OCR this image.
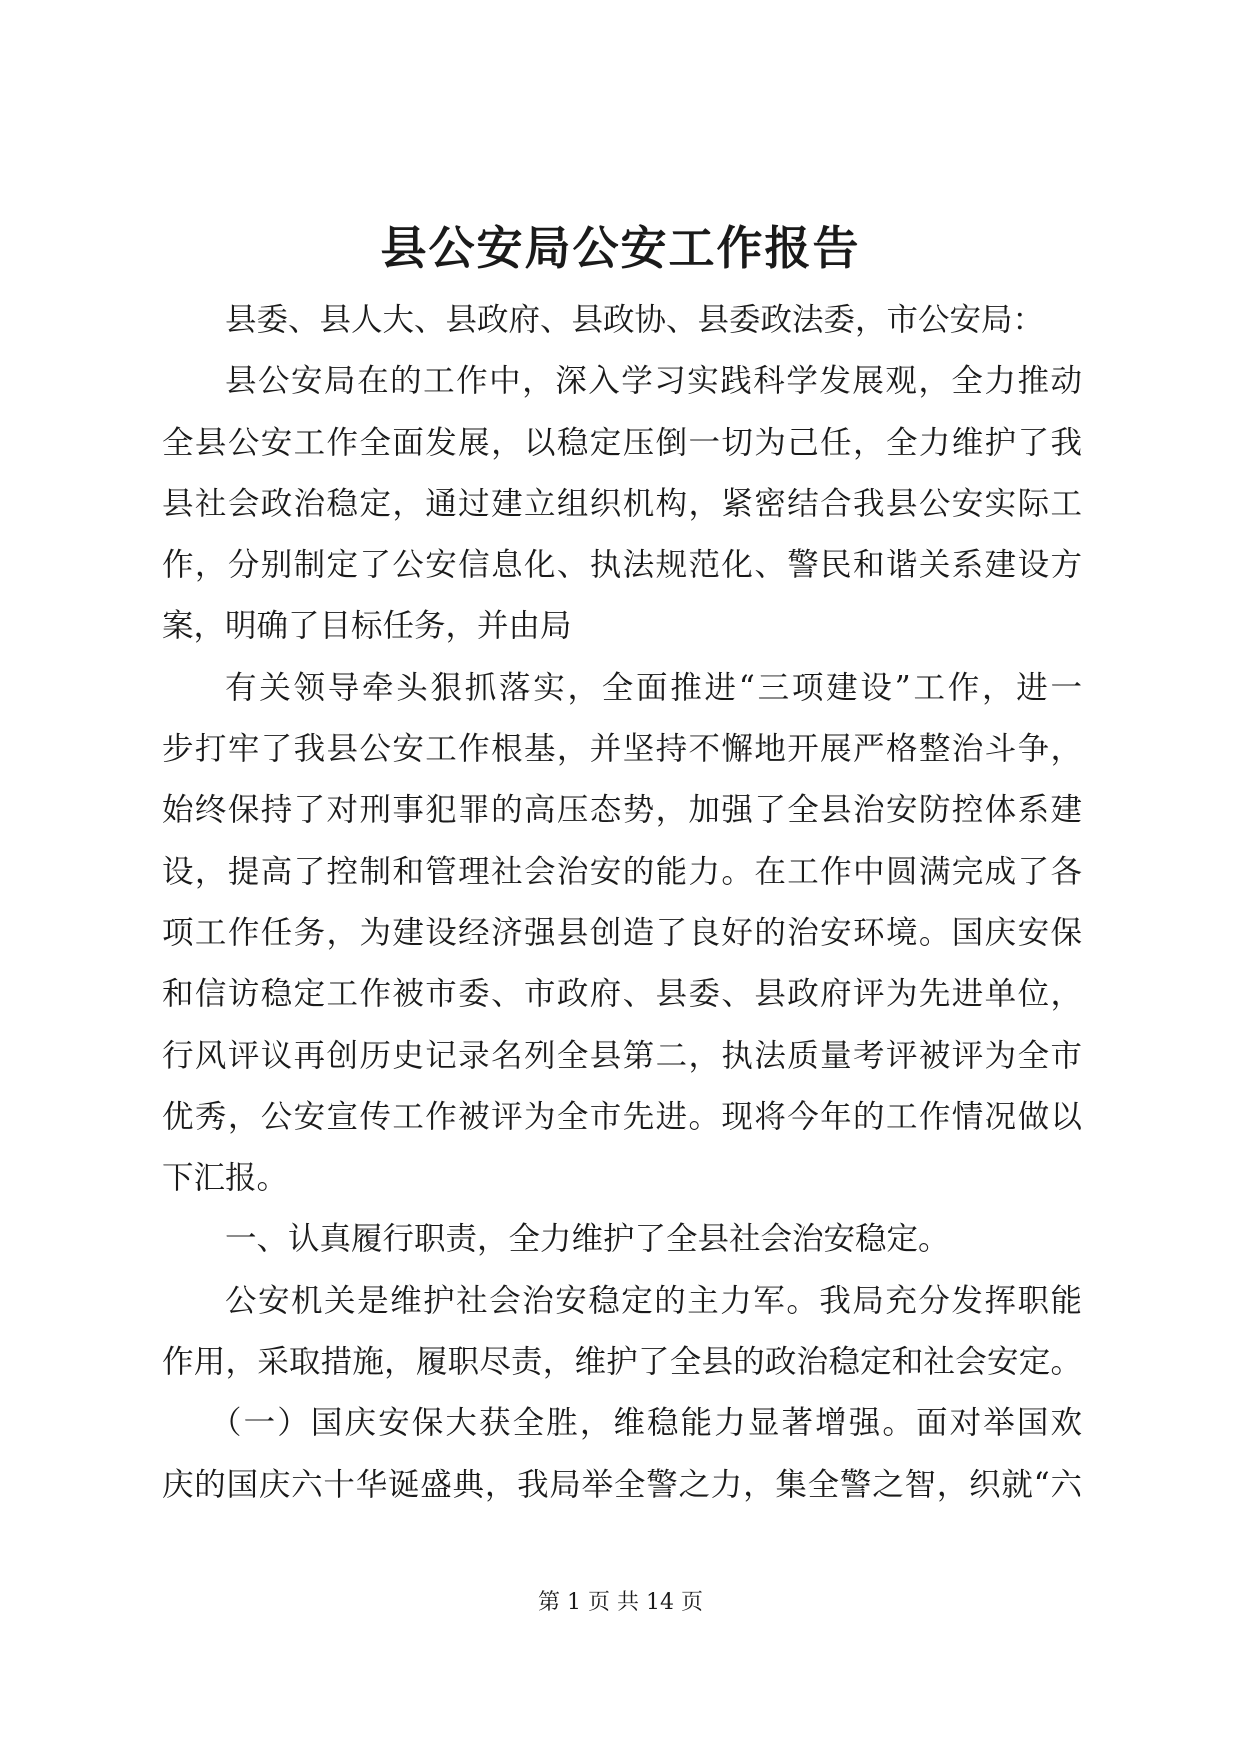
县公安局公安工作报告
县委、县人大、县政府、县政协、县委政法委，市公安局：
县公安局在的工作中，深入学习实践科学发展观，全力推动
全县公安工作全面发展，以稳定压倒一切为己任，全力维护了我
县社会政治稳定，通过建立组织机构，紧密结合我县公安实际工
作，分别制定了公安信息化、执法规范化、警民和谐关系建设方
案，明确了目标任务，并由局
有关领导牵头狠抓落实，全面推进“三项建设”工作，进一
步打牢了我县公安工作根基，并坚持不懈地开展严格整治斗争，
始终保持了对刑事犯罪的高压态势，加强了全县治安防控体系建
设，提高了控制和管理社会治安的能力。在工作中圆满完成了各
项工作任务，为建设经济强县创造了良好的治安环境。国庆安保
和信访稳定工作被市委、市政府、县委、县政府评为先进单位，
行风评议再创历史记录名列全县第二，执法质量考评被评为全市
优秀，公安宣传工作被评为全市先进。现将今年的工作情况做以
下汇报。
一、认真履行职责，全力维护了全县社会治安稳定。
公安机关是维护社会治安稳定的主力军。我局充分发挥职能
作用，采取措施，履职尽责，维护了全县的政治稳定和社会安定。
（一）国庆安保大获全胜，维稳能力显著增强。面对举国欢
庆的国庆六十华诞盛典，我局举全警之力，集全警之智，织就“六
第 1 页 共 14 页
